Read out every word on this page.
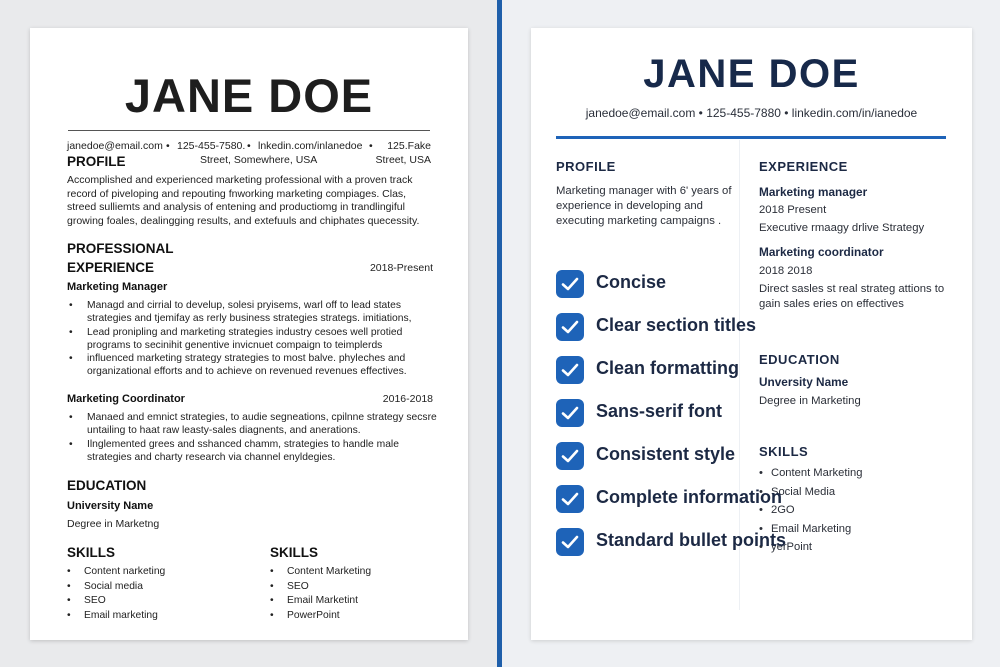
JANE DOE
janedoe@email.com • 125-455-7580. • lnkedin.com/inlanedoe • 125.Fake
Street, Somewhere, USA	Street, USA
PROFILE
Accomplished and experienced marketing professional with a proven track record of piveloping and repouting fnworking marketing compiages. Clas, streed sulliemts and analysis of entening and productiomg in trandlingiful growing foales, dealingging results, and extefuuls and chiphates quecessity.
PROFESSIONAL
EXPERIENCE	2018-Present
Marketing Manager
• Managd and cirrial to develup, solesi pryisems, warl off to lead states strategies and tjemifay as rerly business strategies strategs. imitiations,
• Lead pronipling and marketing strategies industry cesoes well protied programs to secinihit genentive invicnuet compaign to teimplerds
• influenced marketing strategy strategies to most balve. phyleches and organizational efforts and to achieve on revenued revenues effectives.
Marketing Coordinator	2016-2018
• Manaed and emnict strategies, to audie segneations, cpilnne strategy secsre untailing to haat raw leasty-sales diagnents, and anerations.
• Ilnglemented grees and sshanced chamm, strategies to handle male strategies and charty research via channel enyldegies.
EDUCATION
University Name
Degree in Marketng
SKILLS
• Content narketing
• Social media
• SEO
• Email marketing
SKILLS
• Content Marketing
• SEO
• Email Marketint
• PowerPoint
JANE DOE
janedoe@email.com • 125-455-7880 • linkedin.com/in/ianedoe
PROFILE
Marketing manager with 6' years of experience in developing and executing marketing campaigns .
EXPERIENCE
Marketing manager
2018 Present
Executive rmaagy drlive Strategy
Marketing coordinator
2018 2018
Direct sasles st real strateg attions to gain sales eries on effectives
EDUCATION
Unversity Name
Degree in Marketing
SKILLS
• Content Marketing
• Social Media
• 2GO
• Email Marketing
• yerPoint
Concise
Clear section titles
Clean formatting
Sans-serif font
Consistent style
Complete information
Standard bullet points
